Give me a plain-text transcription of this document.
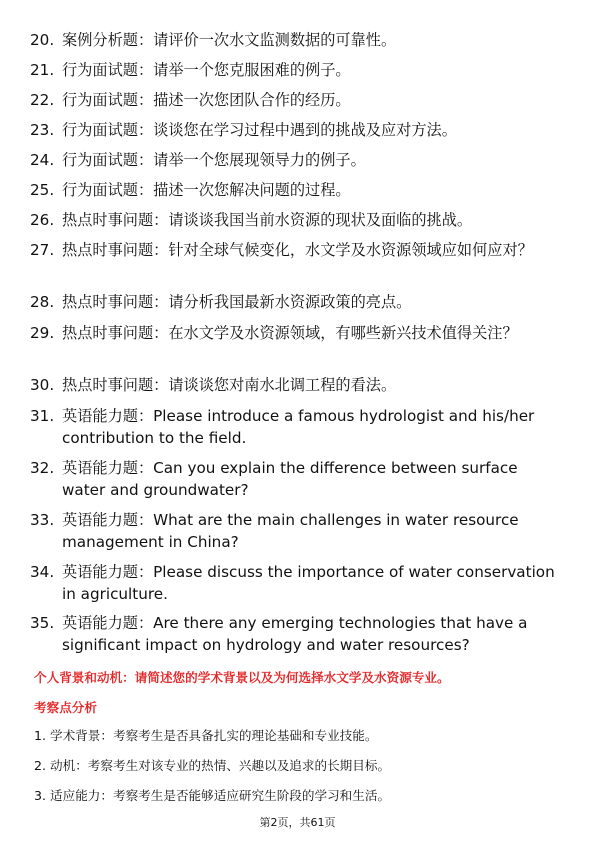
20. 案例分析题：请评价一次水文监测数据的可靠性。
21. 行为面试题：请举一个您克服困难的例子。
22. 行为面试题：描述一次您团队合作的经历。
23. 行为面试题：谈谈您在学习过程中遇到的挑战及应对方法。
24. 行为面试题：请举一个您展现领导力的例子。
25. 行为面试题：描述一次您解决问题的过程。
26. 热点时事问题：请谈谈我国当前水资源的现状及面临的挑战。
27. 热点时事问题：针对全球气候变化，水文学及水资源领域应如何应对？
28. 热点时事问题：请分析我国最新水资源政策的亮点。
29. 热点时事问题：在水文学及水资源领域，有哪些新兴技术值得关注？
30. 热点时事问题：请谈谈您对南水北调工程的看法。
31. 英语能力题：Please introduce a famous hydrologist and his/her contribution to the field.
32. 英语能力题：Can you explain the difference between surface water and groundwater?
33. 英语能力题：What are the main challenges in water resource management in China?
34. 英语能力题：Please discuss the importance of water conservation in agriculture.
35. 英语能力题：Are there any emerging technologies that have a significant impact on hydrology and water resources?
个人背景和动机：请简述您的学术背景以及为何选择水文学及水资源专业。
考察点分析
1. 学术背景：考察考生是否具备扎实的理论基础和专业技能。
2. 动机：考察考生对该专业的热情、兴趣以及追求的长期目标。
3. 适应能力：考察考生是否能够适应研究生阶段的学习和生活。
第2页，共61页
